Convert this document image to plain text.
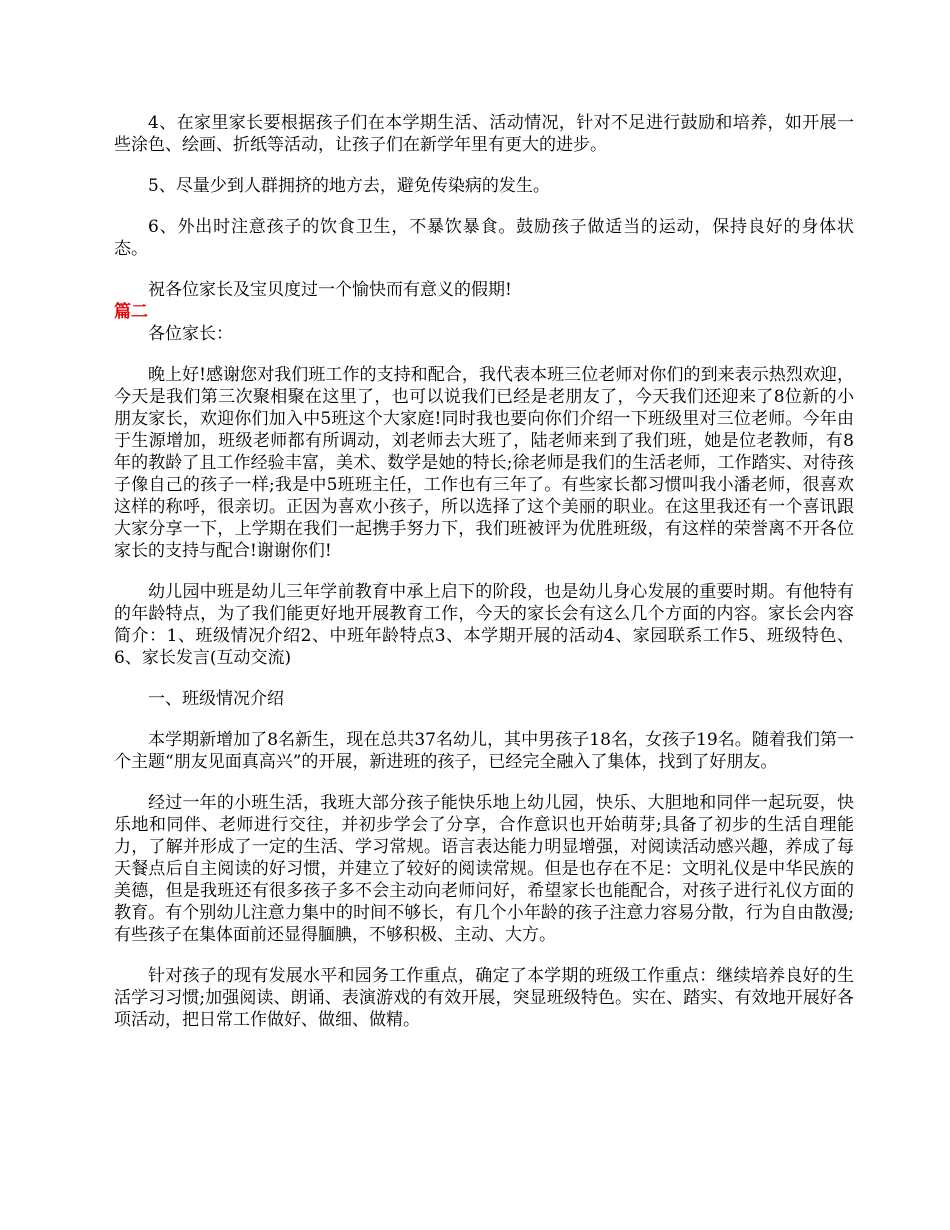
4、在家里家长要根据孩子们在本学期生活、活动情况，针对不足进行鼓励和培养，如开展一些涂色、绘画、折纸等活动，让孩子们在新学年里有更大的进步。

5、尽量少到人群拥挤的地方去，避免传染病的发生。

6、外出时注意孩子的饮食卫生，不暴饮暴食。鼓励孩子做适当的运动，保持良好的身体状态。

祝各位家长及宝贝度过一个愉快而有意义的假期!

篇二

各位家长：

晚上好!感谢您对我们班工作的支持和配合，我代表本班三位老师对你们的到来表示热烈欢迎，今天是我们第三次聚相聚在这里了，也可以说我们已经是老朋友了，今天我们还迎来了8位新的小朋友家长，欢迎你们加入中5班这个大家庭!同时我也要向你们介绍一下班级里对三位老师。今年由于生源增加，班级老师都有所调动，刘老师去大班了，陆老师来到了我们班，她是位老教师，有8年的教龄了且工作经验丰富，美术、数学是她的特长;徐老师是我们的生活老师，工作踏实、对待孩子像自己的孩子一样;我是中5班班主任，工作也有三年了。有些家长都习惯叫我小潘老师，很喜欢这样的称呼，很亲切。正因为喜欢小孩子，所以选择了这个美丽的职业。在这里我还有一个喜讯跟大家分享一下，上学期在我们一起携手努力下，我们班被评为优胜班级，有这样的荣誉离不开各位家长的支持与配合!谢谢你们!

幼儿园中班是幼儿三年学前教育中承上启下的阶段，也是幼儿身心发展的重要时期。有他特有的年龄特点，为了我们能更好地开展教育工作，今天的家长会有这么几个方面的内容。家长会内容简介：1、班级情况介绍2、中班年龄特点3、本学期开展的活动4、家园联系工作5、班级特色、6、家长发言(互动交流)

一、班级情况介绍

本学期新增加了8名新生，现在总共37名幼儿，其中男孩子18名，女孩子19名。随着我们第一个主题“朋友见面真高兴”的开展，新进班的孩子，已经完全融入了集体，找到了好朋友。

经过一年的小班生活，我班大部分孩子能快乐地上幼儿园，快乐、大胆地和同伴一起玩耍，快乐地和同伴、老师进行交往，并初步学会了分享，合作意识也开始萌芽;具备了初步的生活自理能力，了解并形成了一定的生活、学习常规。语言表达能力明显增强，对阅读活动感兴趣，养成了每天餐点后自主阅读的好习惯，并建立了较好的阅读常规。但是也存在不足：文明礼仪是中华民族的美德，但是我班还有很多孩子多不会主动向老师问好，希望家长也能配合，对孩子进行礼仪方面的教育。有个别幼儿注意力集中的时间不够长，有几个小年龄的孩子注意力容易分散，行为自由散漫;有些孩子在集体面前还显得腼腆，不够积极、主动、大方。

针对孩子的现有发展水平和园务工作重点，确定了本学期的班级工作重点：继续培养良好的生活学习习惯;加强阅读、朗诵、表演游戏的有效开展，突显班级特色。实在、踏实、有效地开展好各项活动，把日常工作做好、做细、做精。
